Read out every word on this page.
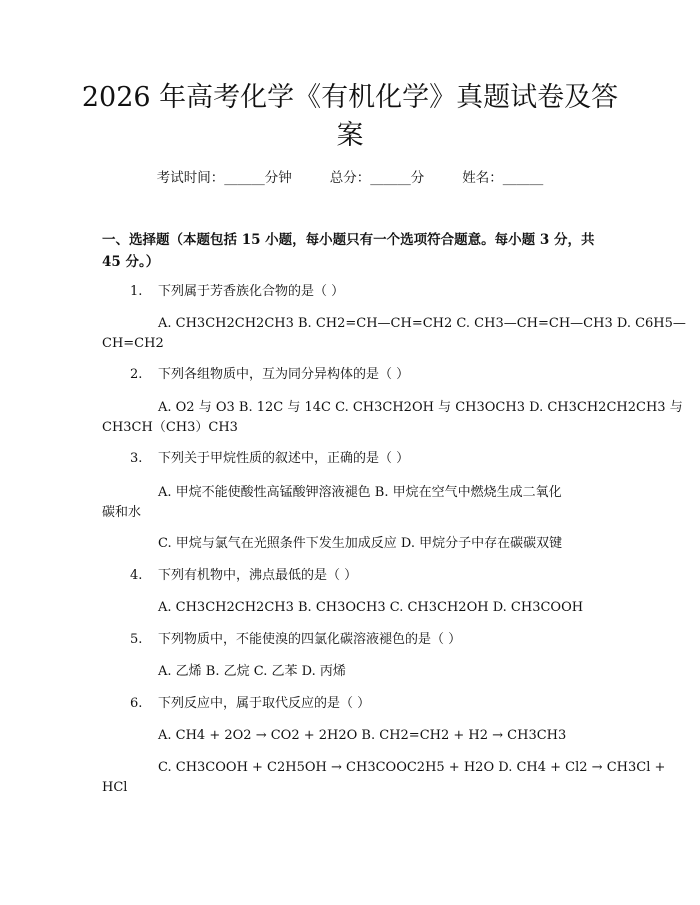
2026 年高考化学《有机化学》真题试卷及答
案
考试时间：______分钟	总分：______分	姓名：______
一、选择题（本题包括 15 小题，每小题只有一个选项符合题意。每小题 3 分，共
45 分。）
1. 下列属于芳香族化合物的是（ ）
A. CH3CH2CH2CH3 B. CH2=CH—CH=CH2 C. CH3—CH=CH—CH3 D. C6H5—
CH=CH2
2. 下列各组物质中，互为同分异构体的是（ ）
A. O2 与 O3 B. 12C 与 14C C. CH3CH2OH 与 CH3OCH3 D. CH3CH2CH2CH3 与
CH3CH（CH3）CH3
3. 下列关于甲烷性质的叙述中，正确的是（ ）
A. 甲烷不能使酸性高锰酸钾溶液褪色 B. 甲烷在空气中燃烧生成二氧化
碳和水
C. 甲烷与氯气在光照条件下发生加成反应 D. 甲烷分子中存在碳碳双键
4. 下列有机物中，沸点最低的是（ ）
A. CH3CH2CH2CH3 B. CH3OCH3 C. CH3CH2OH D. CH3COOH
5. 下列物质中，不能使溴的四氯化碳溶液褪色的是（ ）
A. 乙烯 B. 乙烷 C. 乙苯 D. 丙烯
6. 下列反应中，属于取代反应的是（ ）
A. CH4 + 2O2 → CO2 + 2H2O B. CH2=CH2 + H2 → CH3CH3
C. CH3COOH + C2H5OH → CH3COOC2H5 + H2O D. CH4 + Cl2 → CH3Cl +
HCl
